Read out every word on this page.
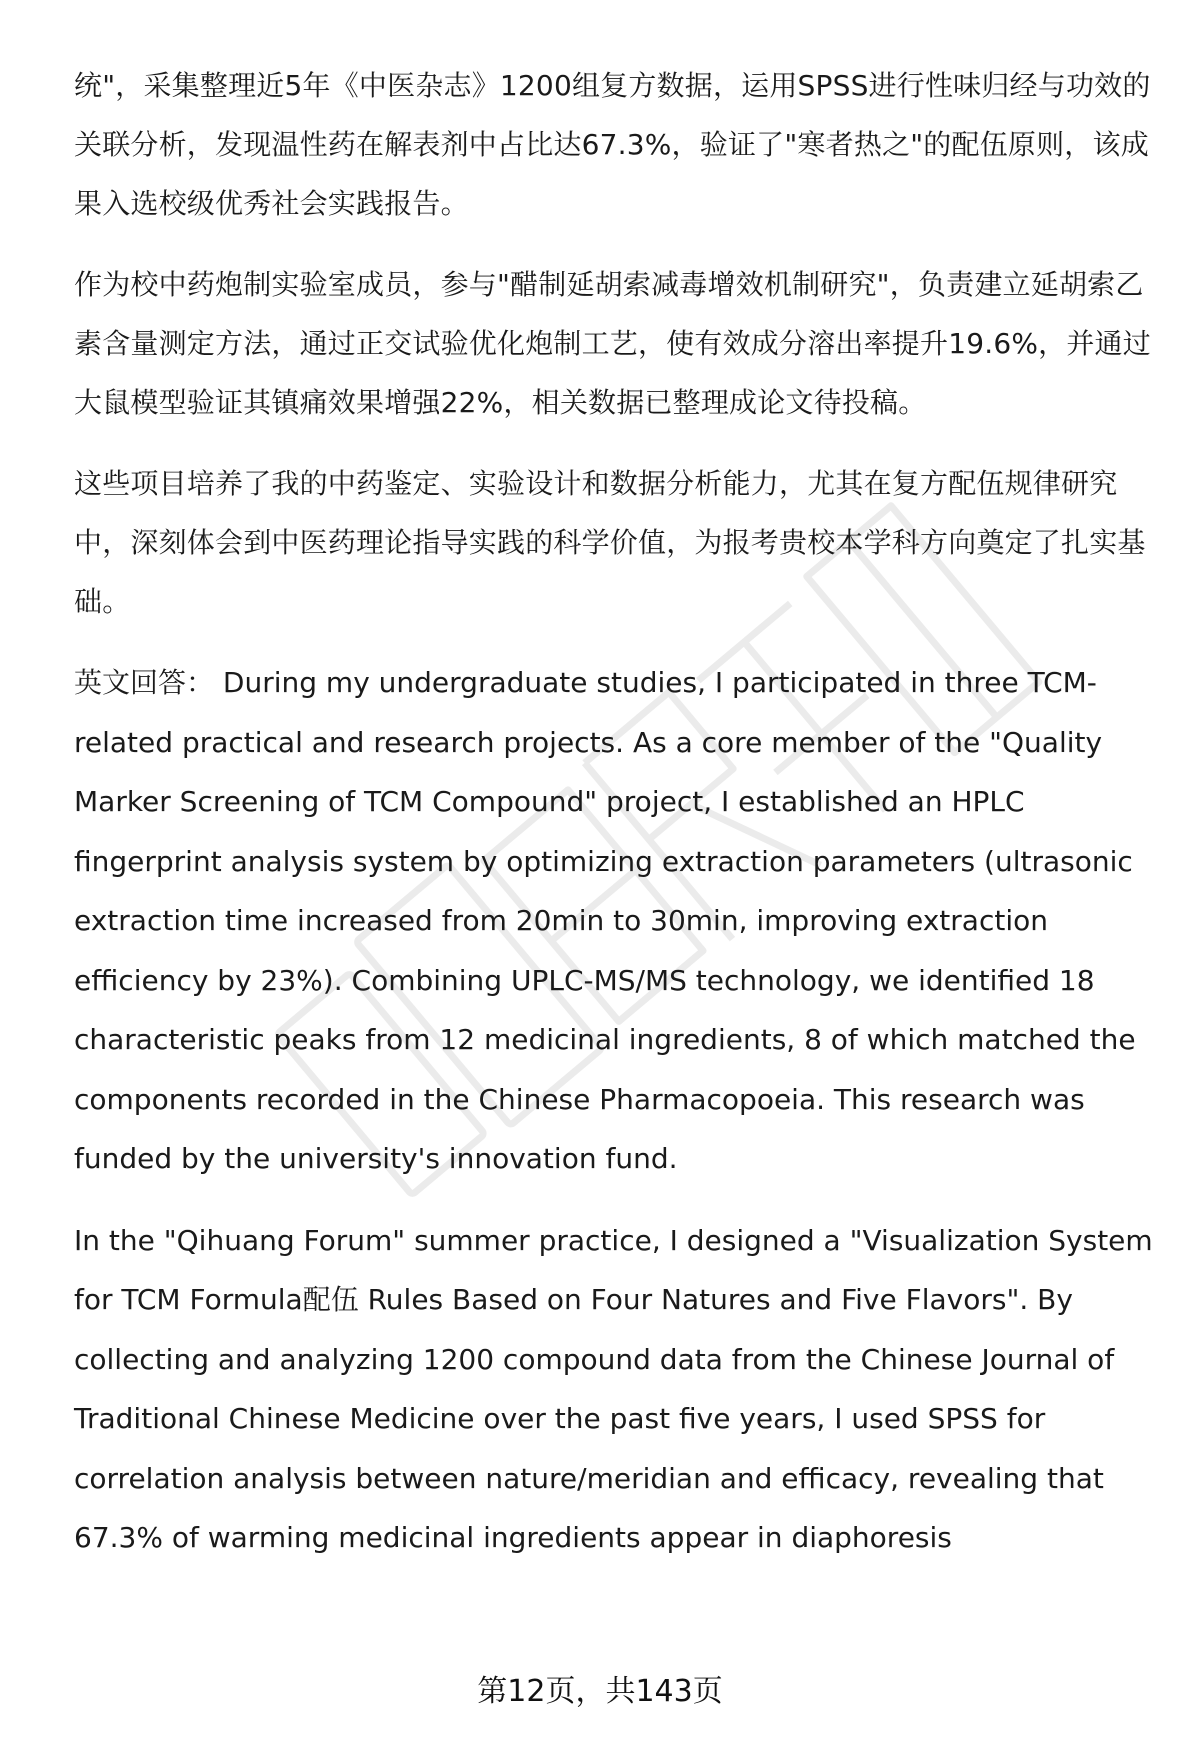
统"，采集整理近5年《中医杂志》1200组复方数据，运用SPSS进行性味归经与功效的关联分析，发现温性药在解表剂中占比达67.3%，验证了"寒者热之"的配伍原则，该成果入选校级优秀社会实践报告。

作为校中药炮制实验室成员，参与"醋制延胡索减毒增效机制研究"，负责建立延胡索乙素含量测定方法，通过正交试验优化炮制工艺，使有效成分溶出率提升19.6%，并通过大鼠模型验证其镇痛效果增强22%，相关数据已整理成论文待投稿。

这些项目培养了我的中药鉴定、实验设计和数据分析能力，尤其在复方配伍规律研究中，深刻体会到中医药理论指导实践的科学价值，为报考贵校本学科方向奠定了扎实基础。

英文回答： During my undergraduate studies, I participated in three TCM-related practical and research projects. As a core member of the "Quality Marker Screening of TCM Compound" project, I established an HPLC fingerprint analysis system by optimizing extraction parameters (ultrasonic extraction time increased from 20min to 30min, improving extraction efficiency by 23%). Combining UPLC-MS/MS technology, we identified 18 characteristic peaks from 12 medicinal ingredients, 8 of which matched the components recorded in the Chinese Pharmacopoeia. This research was funded by the university's innovation fund.

In the "Qihuang Forum" summer practice, I designed a "Visualization System for TCM Formula配伍 Rules Based on Four Natures and Five Flavors". By collecting and analyzing 1200 compound data from the Chinese Journal of Traditional Chinese Medicine over the past five years, I used SPSS for correlation analysis between nature/meridian and efficacy, revealing that 67.3% of warming medicinal ingredients appear in diaphoresis

第12页，共143页
